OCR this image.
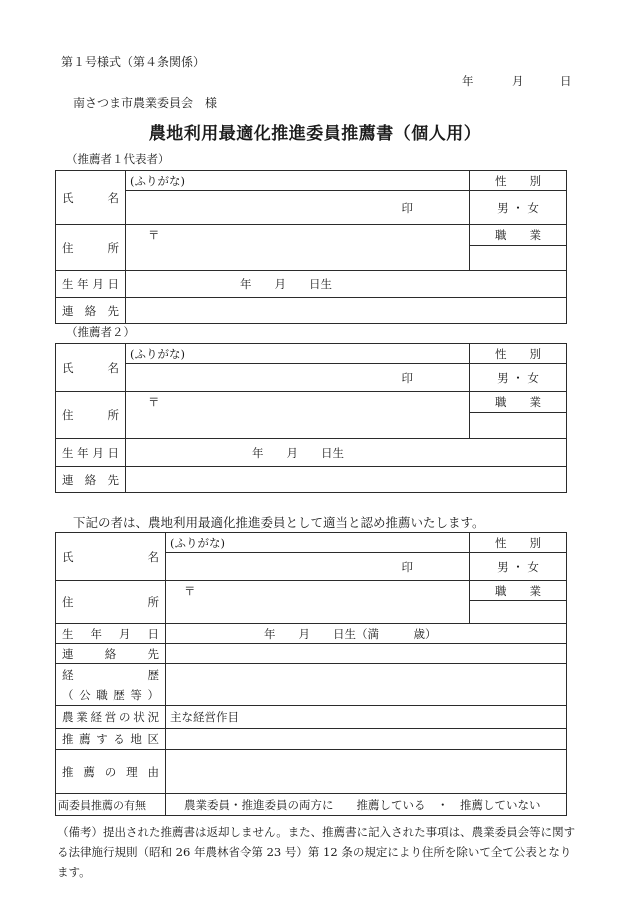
第１号様式（第４条関係）
年	月	日
南さつま市農業委員会　様
農地利用最適化推進委員推薦書（個人用）
（推薦者１代表者）
氏　　名	(ふりがな)	性　　別
	印	男 ・ 女
住　　所	〒	職　　業

生年月日	年　　月　　日生	
連 絡 先		
（推薦者２）
氏　　名	(ふりがな)	性　　別
	印	男 ・ 女
住　　所	〒	職　　業

生年月日	年　　月　　日生	
連 絡 先		
下記の者は、農地利用最適化推進委員として適当と認め推薦いたします。
氏　　名	(ふりがな)	性　　別
	印	男 ・ 女
住　　所	〒	職　　業

生年月日	年　　月　　日生（満　　　歳）	
連絡先		

経　　歴
（公職歴等）		

農業経営の状況	主な経営作目	
推薦する地区		
推薦の理由		
両委員推薦の有無	農業委員・推進委員の両方に　　推薦している　・　推薦していない	
（備考）提出された推薦書は返却しません。また、推薦書に記入された事項は、農業委員会等に関する法律施行規則（昭和 26 年農林省令第 23 号）第 12 条の規定により住所を除いて全て公表となります。
